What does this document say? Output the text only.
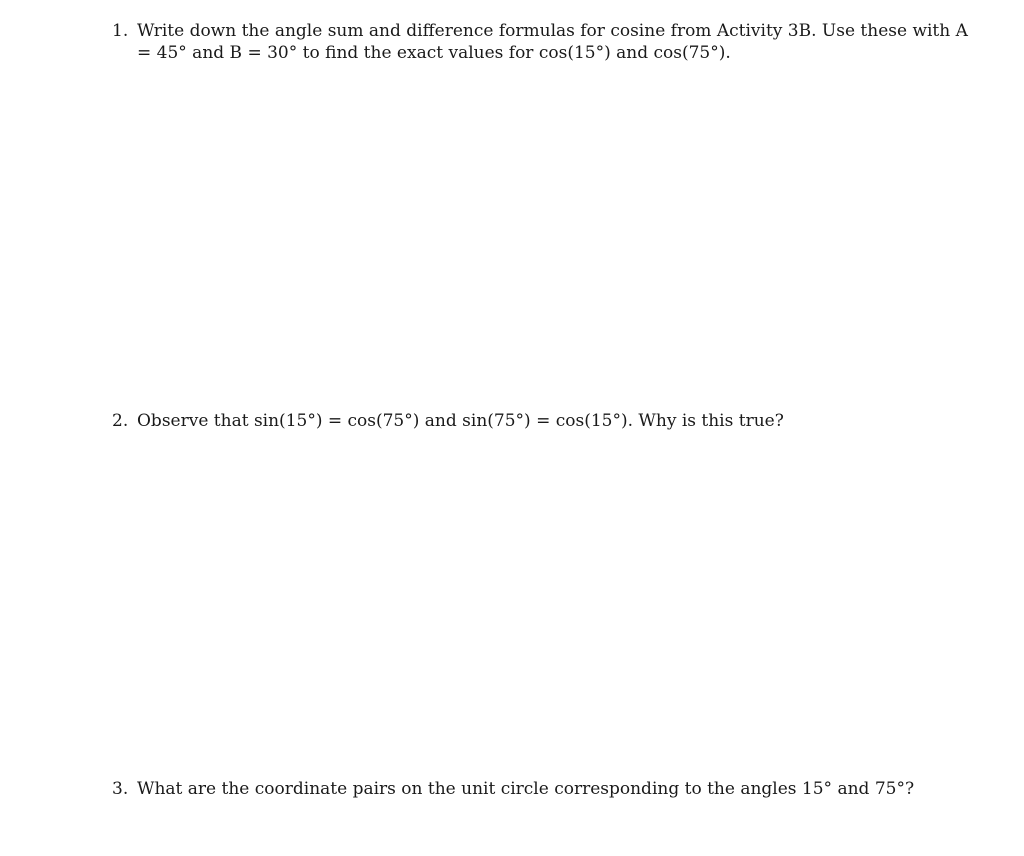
1. Write down the angle sum and difference formulas for cosine from Activity 3B. Use these with A = 45° and B = 30° to find the exact values for cos(15°) and cos(75°).
2. Observe that sin(15°) = cos(75°) and sin(75°) = cos(15°). Why is this true?
3. What are the coordinate pairs on the unit circle corresponding to the angles 15° and 75°?
